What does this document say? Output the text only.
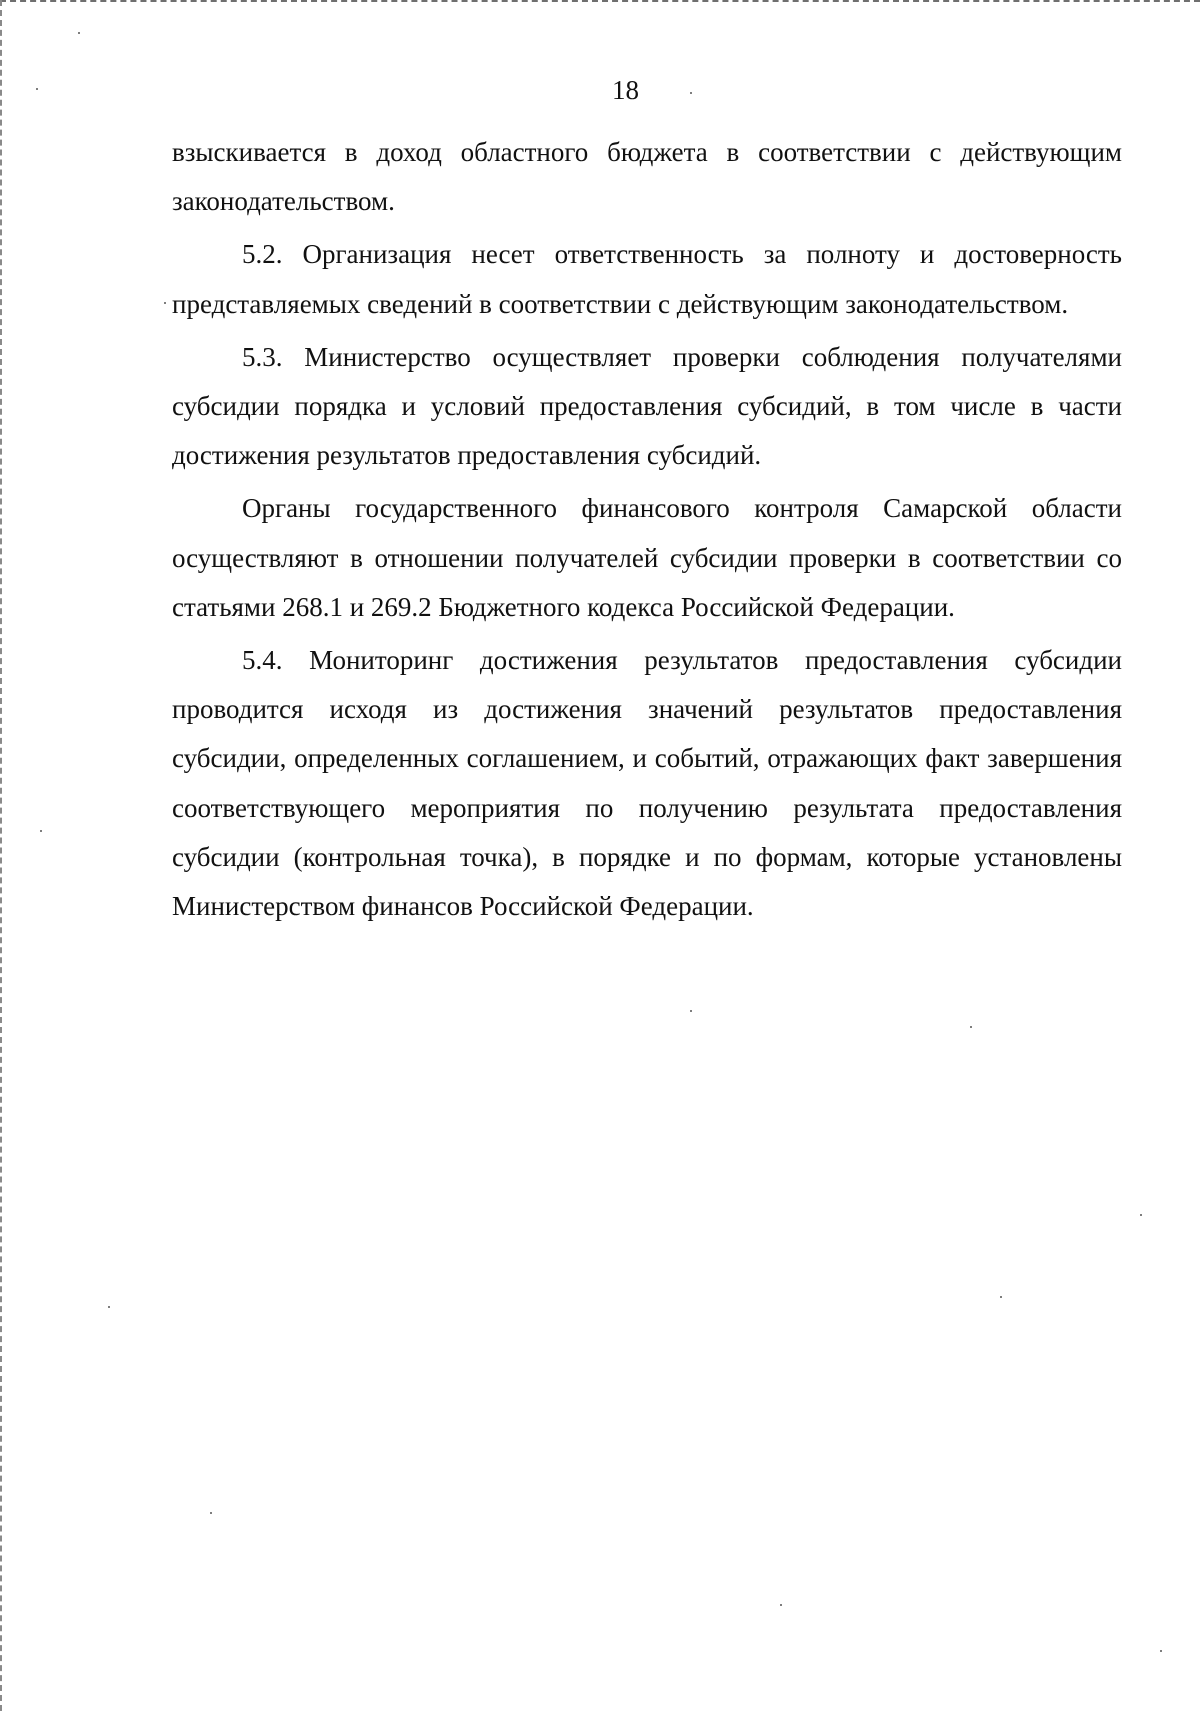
18

взыскивается в доход областного бюджета в соответствии с действующим законодательством.

5.2. Организация несет ответственность за полноту и достоверность представляемых сведений в соответствии с действующим законодательством.

5.3. Министерство осуществляет проверки соблюдения получателями субсидии порядка и условий предоставления субсидий, в том числе в части достижения результатов предоставления субсидий.

Органы государственного финансового контроля Самарской области осуществляют в отношении получателей субсидии проверки в соответствии со статьями 268.1 и 269.2 Бюджетного кодекса Российской Федерации.

5.4. Мониторинг достижения результатов предоставления субсидии проводится исходя из достижения значений результатов предоставления субсидии, определенных соглашением, и событий, отражающих факт завершения соответствующего мероприятия по получению результата предоставления субсидии (контрольная точка), в порядке и по формам, которые установлены Министерством финансов Российской Федерации.
